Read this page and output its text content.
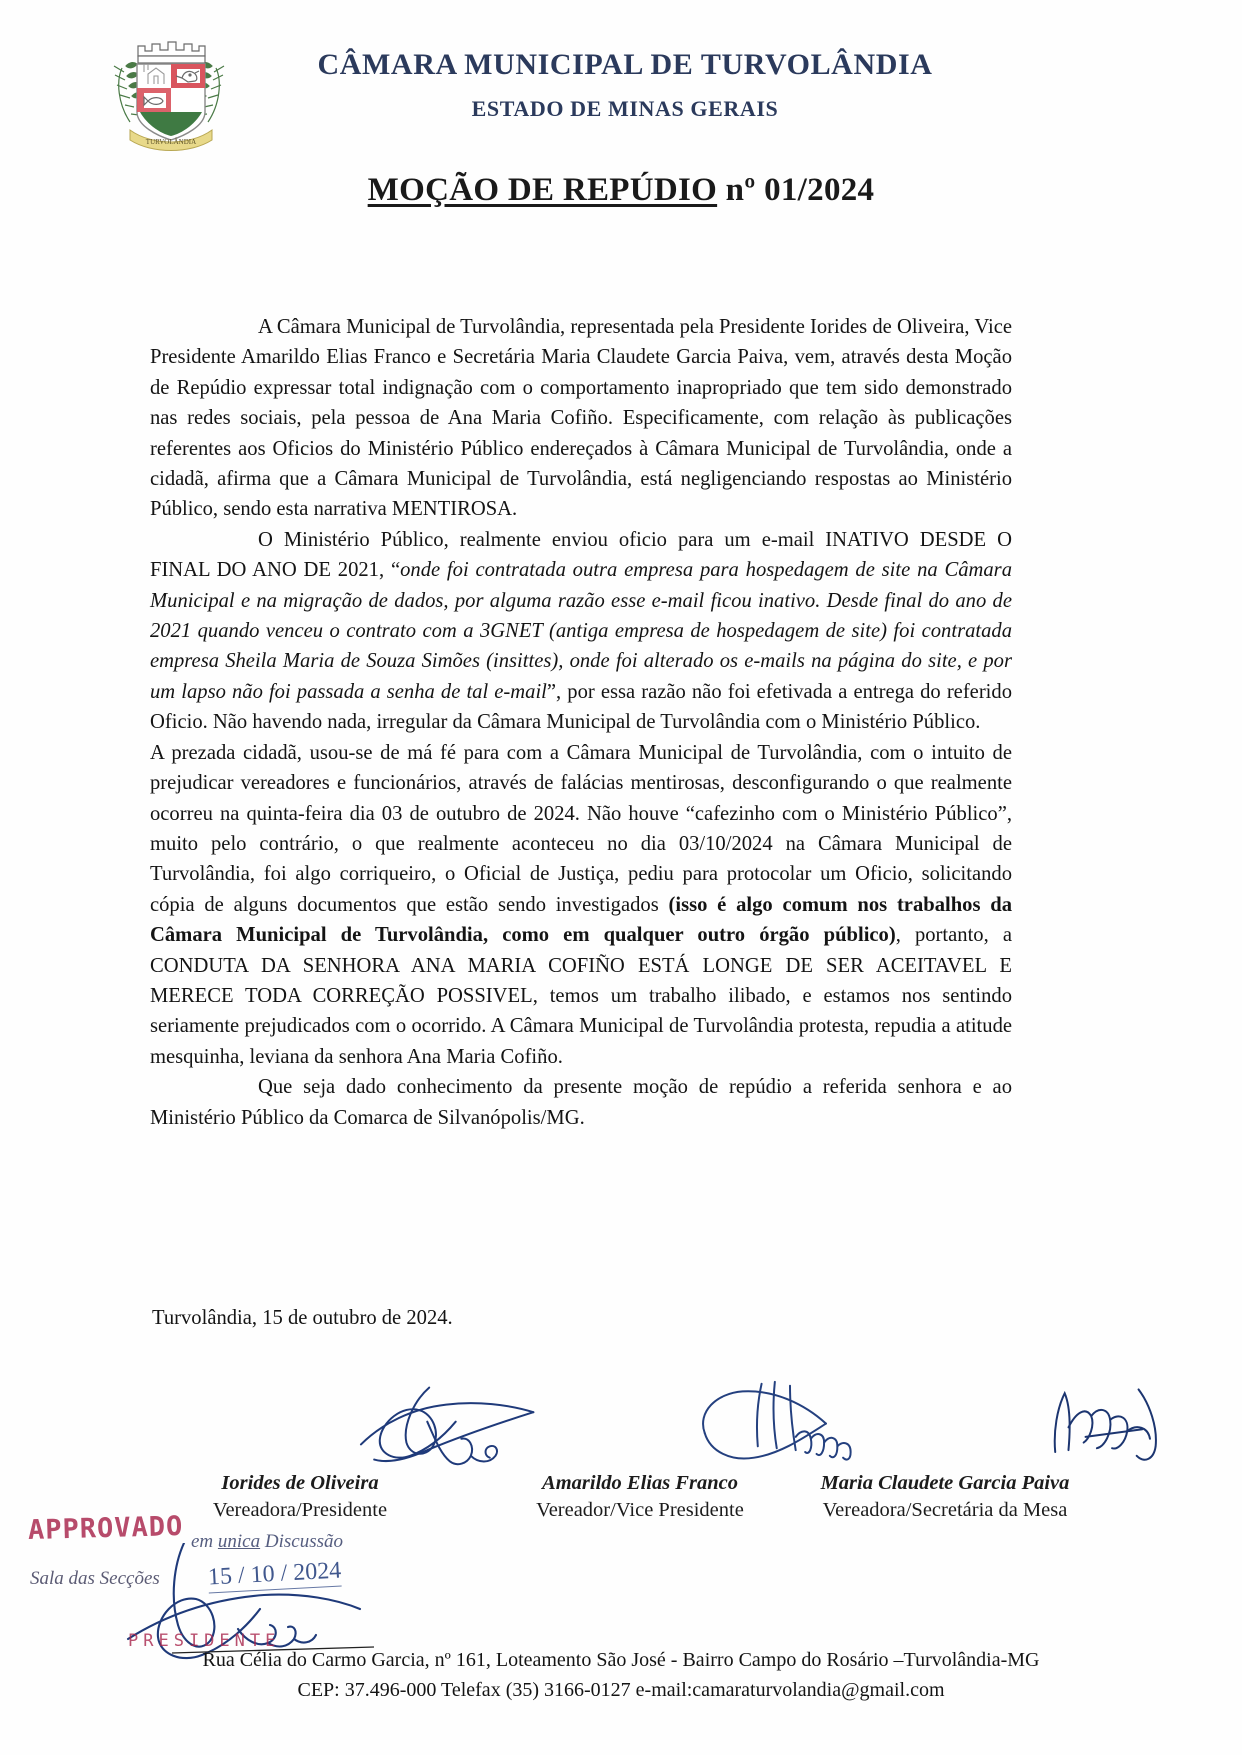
TURVOLÂNDIA
CÂMARA MUNICIPAL DE TURVOLÂNDIA
ESTADO DE MINAS GERAIS
MOÇÃO DE REPÚDIO nº 01/2024

A Câmara Municipal de Turvolândia, representada pela Presidente Iorides de Oliveira, Vice Presidente Amarildo Elias Franco e Secretária Maria Claudete Garcia Paiva, vem, através desta Moção de Repúdio expressar total indignação com o comportamento inapropriado que tem sido demonstrado nas redes sociais, pela pessoa de Ana Maria Cofiño. Especificamente, com relação às publicações referentes aos Oficios do Ministério Público endereçados à Câmara Municipal de Turvolândia, onde a cidadã, afirma que a Câmara Municipal de Turvolândia, está negligenciando respostas ao Ministério Público, sendo esta narrativa MENTIROSA.

O Ministério Público, realmente enviou oficio para um e-mail INATIVO DESDE O FINAL DO ANO DE 2021, “onde foi contratada outra empresa para hospedagem de site na Câmara Municipal e na migração de dados, por alguma razão esse e-mail ficou inativo. Desde final do ano de 2021 quando venceu o contrato com a 3GNET (antiga empresa de hospedagem de site) foi contratada empresa Sheila Maria de Souza Simões (insittes), onde foi alterado os e-mails na página do site, e por um lapso não foi passada a senha de tal e-mail”, por essa razão não foi efetivada a entrega do referido Oficio. Não havendo nada, irregular da Câmara Municipal de Turvolândia com o Ministério Público.

A prezada cidadã, usou-se de má fé para com a Câmara Municipal de Turvolândia, com o intuito de prejudicar vereadores e funcionários, através de falácias mentirosas, desconfigurando o que realmente ocorreu na quinta-feira dia 03 de outubro de 2024. Não houve “cafezinho com o Ministério Público”, muito pelo contrário, o que realmente aconteceu no dia 03/10/2024 na Câmara Municipal de Turvolândia, foi algo corriqueiro, o Oficial de Justiça, pediu para protocolar um Oficio, solicitando cópia de alguns documentos que estão sendo investigados (isso é algo comum nos trabalhos da Câmara Municipal de Turvolândia, como em qualquer outro órgão público), portanto, a CONDUTA DA SENHORA ANA MARIA COFIÑO ESTÁ LONGE DE SER ACEITAVEL E MERECE TODA CORREÇÃO POSSIVEL, temos um trabalho ilibado, e estamos nos sentindo seriamente prejudicados com o ocorrido. A Câmara Municipal de Turvolândia protesta, repudia a atitude mesquinha, leviana da senhora Ana Maria Cofiño.

Que seja dado conhecimento da presente moção de repúdio a referida senhora e ao Ministério Público da Comarca de Silvanópolis/MG.

Turvolândia, 15 de outubro de 2024.
Iorides de Oliveira
Vereadora/Presidente
Amarildo Elias Franco
Vereador/Vice Presidente
Maria Claudete Garcia Paiva
Vereadora/Secretária da Mesa
APPROVADO em unica Discussão
Sala das Secções 15 / 10 / 2024
PRESIDENTE
Rua Célia do Carmo Garcia, nº 161, Loteamento São José - Bairro Campo do Rosário –Turvolândia-MG
CEP: 37.496-000 Telefax (35) 3166-0127 e-mail:camaraturvolandia@gmail.com
